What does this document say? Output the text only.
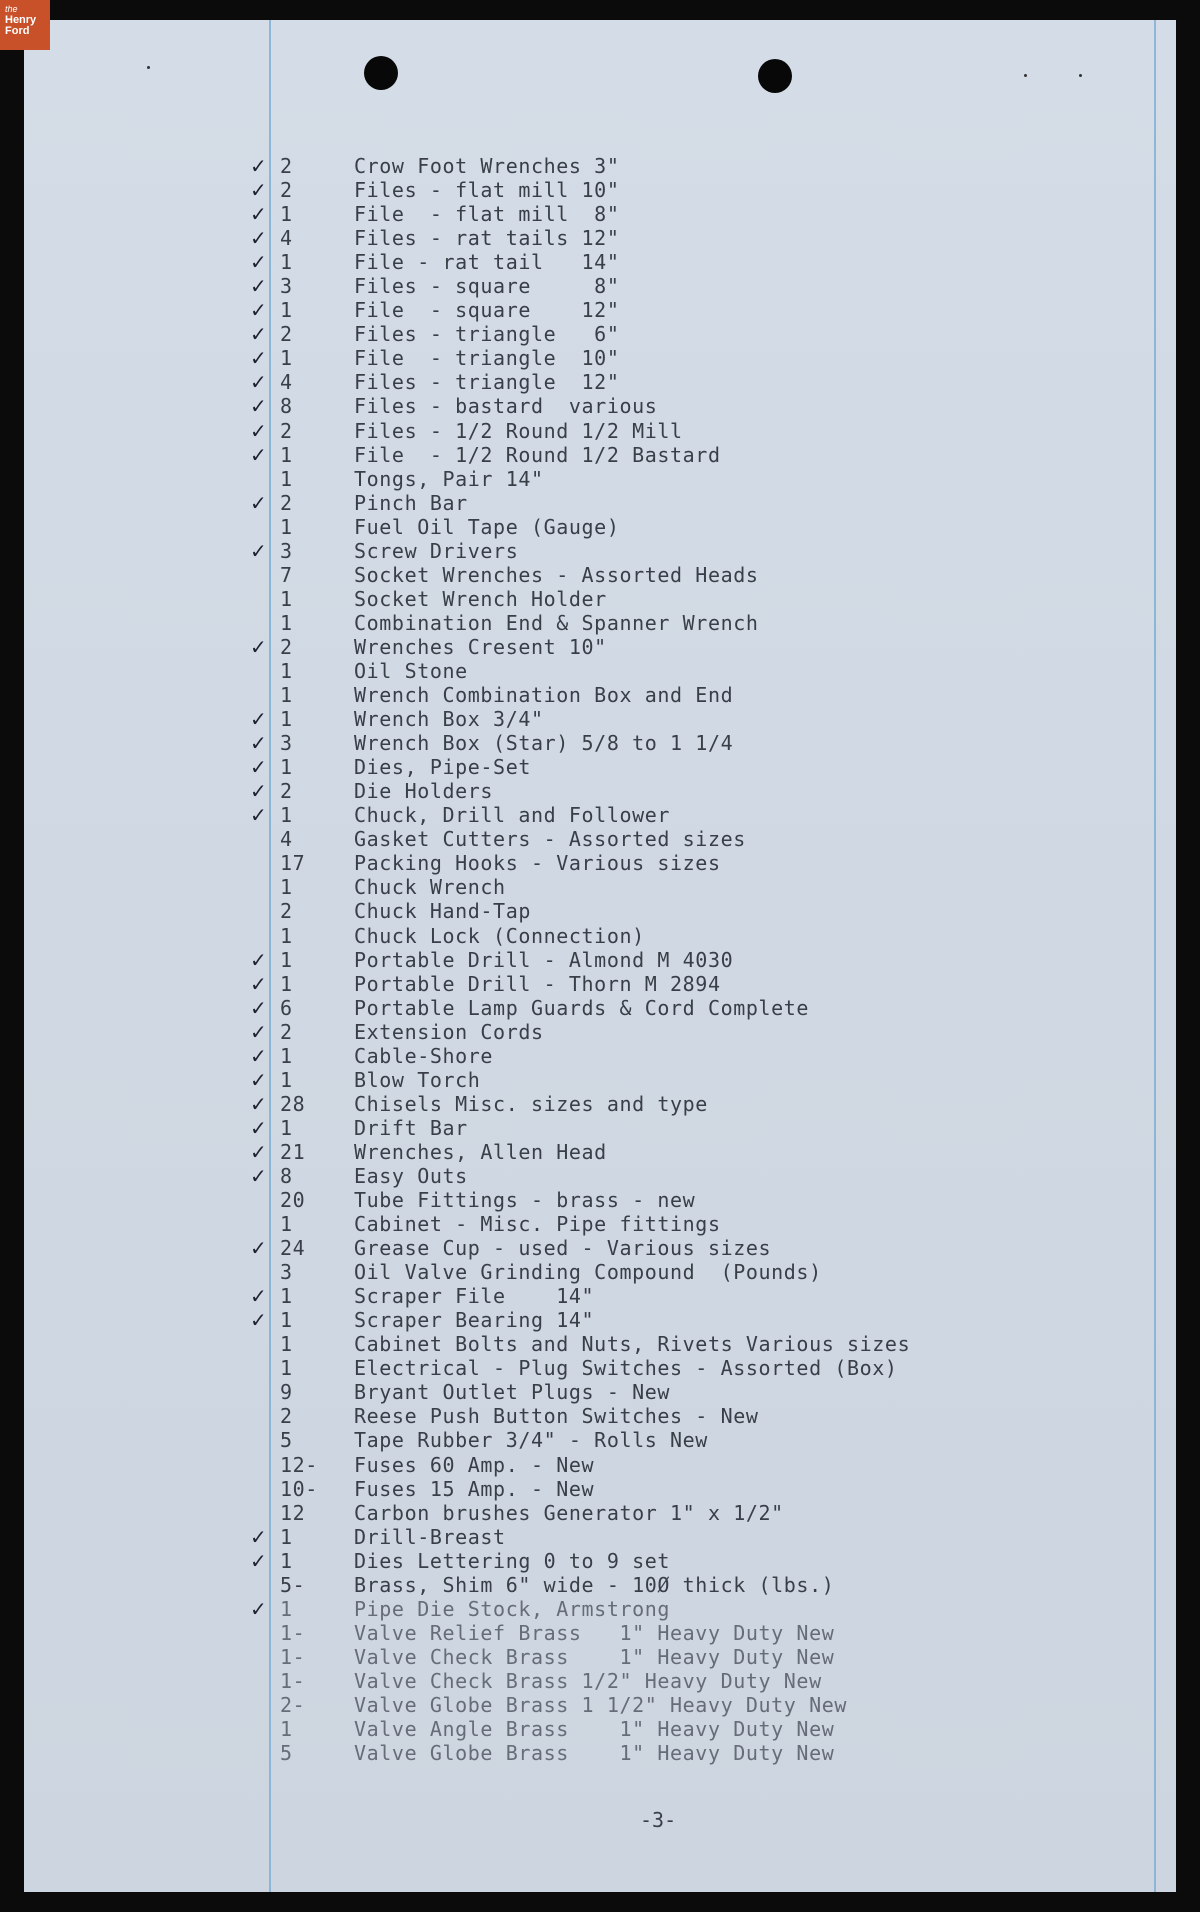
the
Henry
Ford
✓ 2	Crow Foot Wrenches 3"
✓ 2	Files - flat mill 10"
✓ 1	File  - flat mill  8"
✓ 4	Files - rat tails 12"
✓ 1	File - rat tail   14"
✓ 3	Files - square     8"
✓ 1	File  - square    12"
✓ 2	Files - triangle   6"
✓ 1	File  - triangle  10"
✓ 4	Files - triangle  12"
✓ 8	Files - bastard  various
✓ 2	Files - 1/2 Round 1/2 Mill
✓ 1	File  - 1/2 Round 1/2 Bastard
1	Tongs, Pair 14"
✓ 2	Pinch Bar
1	Fuel Oil Tape (Gauge)
✓ 3	Screw Drivers
7	Socket Wrenches - Assorted Heads
1	Socket Wrench Holder
1	Combination End & Spanner Wrench
✓ 2	Wrenches Cresent 10"
1	Oil Stone
1	Wrench Combination Box and End
✓ 1	Wrench Box 3/4"
✓ 3	Wrench Box (Star) 5/8 to 1 1/4
✓ 1	Dies, Pipe-Set
✓ 2	Die Holders
✓ 1	Chuck, Drill and Follower
4	Gasket Cutters - Assorted sizes
17 Packing Hooks - Various sizes
1	Chuck Wrench
2	Chuck Hand-Tap
1	Chuck Lock (Connection)
✓ 1	Portable Drill - Almond M 4030
✓ 1	Portable Drill - Thorn M 2894
✓ 6	Portable Lamp Guards & Cord Complete
✓ 2	Extension Cords
✓ 1	Cable-Shore
✓ 1	Blow Torch
✓ 28 Chisels Misc. sizes and type
✓ 1	Drift Bar
✓ 21 Wrenches, Allen Head
✓ 8	Easy Outs
20 Tube Fittings - brass - new
1	Cabinet - Misc. Pipe fittings
✓ 24 Grease Cup - used - Various sizes
3	Oil Valve Grinding Compound  (Pounds)
✓ 1	Scraper File    14"
✓ 1	Scraper Bearing 14"
1	Cabinet Bolts and Nuts, Rivets Various sizes
1	Electrical - Plug Switches - Assorted (Box)
9	Bryant Outlet Plugs - New
2	Reese Push Button Switches - New
5	Tape Rubber 3/4" - Rolls New
12- Fuses 60 Amp. - New
10- Fuses 15 Amp. - New
12 Carbon brushes Generator 1" x 1/2"
✓ 1	Drill-Breast
✓ 1	Dies Lettering 0 to 9 set
5- Brass, Shim 6" wide - 10Ø thick (lbs.)
✓ 1	Pipe Die Stock, Armstrong
1- Valve Relief Brass   1" Heavy Duty New
1- Valve Check Brass    1" Heavy Duty New
1- Valve Check Brass 1/2" Heavy Duty New
2- Valve Globe Brass 1 1/2" Heavy Duty New
1	Valve Angle Brass    1" Heavy Duty New
5	Valve Globe Brass    1" Heavy Duty New
-3-
